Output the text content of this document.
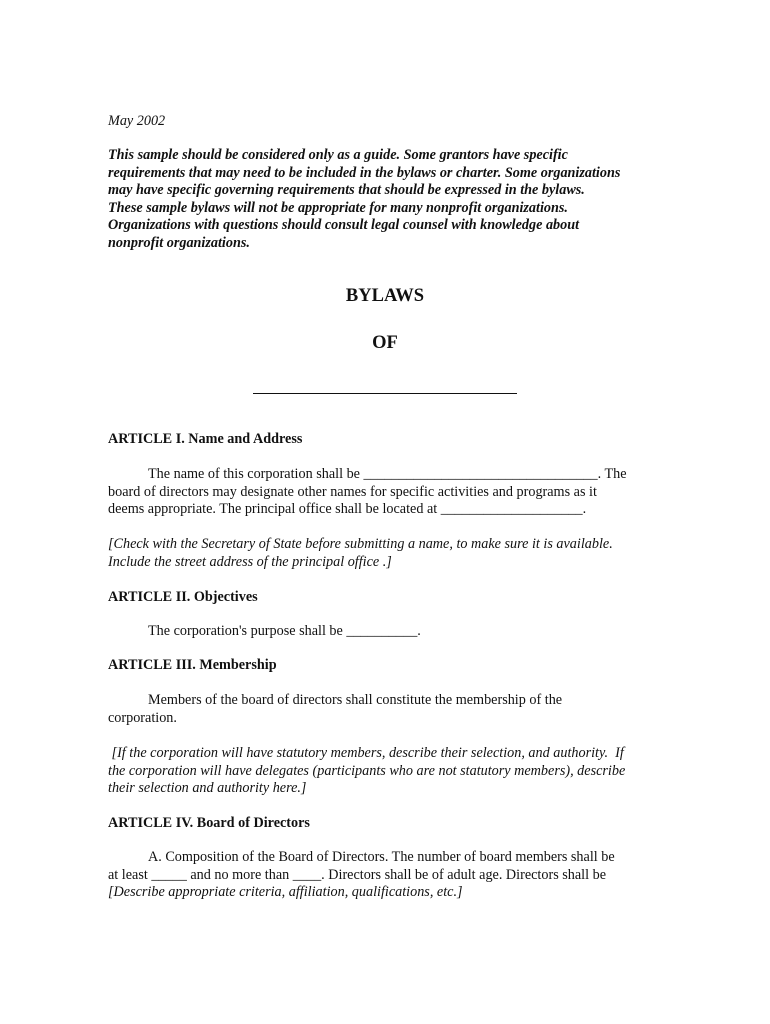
May 2002

This sample should be considered only as a guide. Some grantors have specific
requirements that may need to be included in the bylaws or charter. Some organizations
may have specific governing requirements that should be expressed in the bylaws.
These sample bylaws will not be appropriate for many nonprofit organizations.
Organizations with questions should consult legal counsel with knowledge about
nonprofit organizations.

BYLAWS

OF

ARTICLE I. Name and Address

The name of this corporation shall be _________________________________. The
board of directors may designate other names for specific activities and programs as it
deems appropriate. The principal office shall be located at ____________________.
[Check with the Secretary of State before submitting a name, to make sure it is available.
Include the street address of the principal office .]

ARTICLE II. Objectives

The corporation's purpose shall be __________.

ARTICLE III. Membership

Members of the board of directors shall constitute the membership of the
corporation.
[If the corporation will have statutory members, describe their selection, and authority.  If
the corporation will have delegates (participants who are not statutory members), describe
their selection and authority here.]

ARTICLE IV. Board of Directors

A. Composition of the Board of Directors. The number of board members shall be
at least _____ and no more than ____. Directors shall be of adult age. Directors shall be
[Describe appropriate criteria, affiliation, qualifications, etc.]
